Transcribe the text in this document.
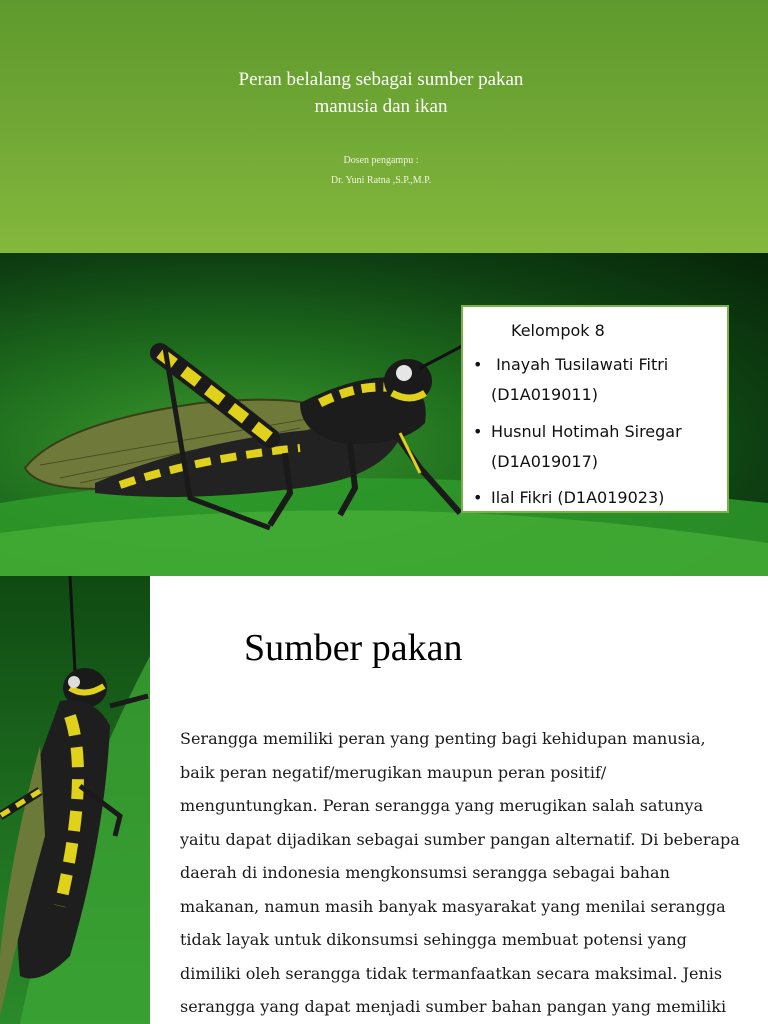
Peran belalang sebagai sumber pakan
manusia dan ikan
Dosen pengampu :
Dr. Yuni Ratna ,S.P.,M.P.
Kelompok 8
• Inayah Tusilawati Fitri
(D1A019011)
• Husnul Hotimah Siregar
(D1A019017)
• Ilal Fikri (D1A019023)
Sumber pakan
Serangga memiliki peran yang penting bagi kehidupan manusia,
baik peran negatif/merugikan maupun peran positif/
menguntungkan. Peran serangga yang merugikan salah satunya
yaitu dapat dijadikan sebagai sumber pangan alternatif. Di beberapa
daerah di indonesia mengkonsumsi serangga sebagai bahan
makanan, namun masih banyak masyarakat yang menilai serangga
tidak layak untuk dikonsumsi sehingga membuat potensi yang
dimiliki oleh serangga tidak termanfaatkan secara maksimal. Jenis
serangga yang dapat menjadi sumber bahan pangan yang memiliki
